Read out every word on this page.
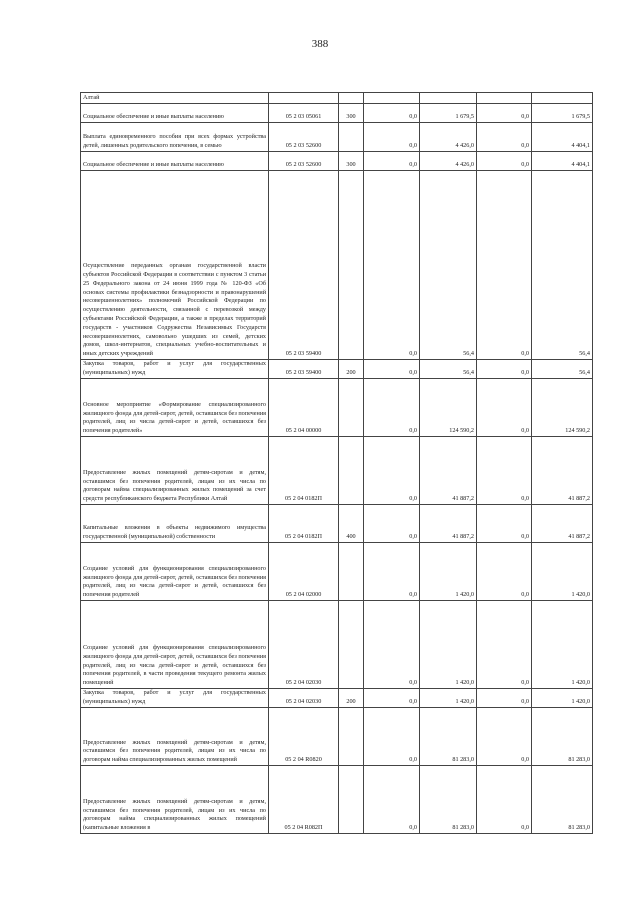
388
Алтай						
Социальное обеспечение и иные выплаты населению	05 2 03 05061	300	0,0	1 679,5	0,0	1 679,5
Выплата единовременного пособия при всех формах устройства детей, лишенных родительского попечения, в семью	05 2 03 52600		0,0	4 426,0	0,0	4 404,1
Социальное обеспечение и иные выплаты населению	05 2 03 52600	300	0,0	4 426,0	0,0	4 404,1
Осуществление переданных органам государственной власти субъектов Российской Федерации в соответствии с пунктом 3 статьи 25 Федерального закона от 24 июня 1999 года № 120-ФЗ «Об основах системы профилактики безнадзорности и правонарушений несовершеннолетних» полномочий Российской Федерации по осуществлению деятельности, связанной с перевозкой между субъектами Российской Федерации, а также в пределах территорий государств - участников Содружества Независимых Государств несовершеннолетних, самовольно ушедших из семей, детских домов, школ-интернатов, специальных учебно-воспитательных и иных детских учреждений	05 2 03 59400		0,0	56,4	0,0	56,4
Закупка товаров, работ и услуг для государственных (муниципальных) нужд	05 2 03 59400	200	0,0	56,4	0,0	56,4
Основное мероприятие «Формирование специализированного жилищного фонда для детей-сирот, детей, оставшихся без попечения родителей, лиц из числа детей-сирот и детей, оставшихся без попечения родителей»	05 2 04 00000		0,0	124 590,2	0,0	124 590,2
Предоставление жилых помещений детям-сиротам и детям, оставшимся без попечения родителей, лицам из их числа по договорам найма специализированных жилых помещений за счет средств республиканского бюджета Республики Алтай	05 2 04 0182П		0,0	41 887,2	0,0	41 887,2
Капитальные вложения в объекты недвижимого имущества государственной (муниципальной) собственности	05 2 04 0182П	400	0,0	41 887,2	0,0	41 887,2
Создание условий для функционирования специализированного жилищного фонда для детей-сирот, детей, оставшихся без попечения родителей, лиц из числа детей-сирот и детей, оставшихся без попечения родителей	05 2 04 02000		0,0	1 420,0	0,0	1 420,0
Создание условий для функционирования специализированного жилищного фонда для детей-сирот, детей, оставшихся без попечения родителей, лиц из числа детей-сирот и детей, оставшихся без попечения родителей, в части проведения текущего ремонта жилых помещений	05 2 04 02030		0,0	1 420,0	0,0	1 420,0
Закупка товаров, работ и услуг для государственных (муниципальных) нужд	05 2 04 02030	200	0,0	1 420,0	0,0	1 420,0
Предоставление жилых помещений детям-сиротам и детям, оставшимся без попечения родителей, лицам из их числа по договорам найма специализированных жилых помещений	05 2 04 R0820		0,0	81 283,0	0,0	81 283,0
Предоставление жилых помещений детям-сиротам и детям, оставшимся без попечения родителей, лицам из их числа по договорам найма специализированных жилых помещений (капитальные вложения в	05 2 04 R082П		0,0	81 283,0	0,0	81 283,0
